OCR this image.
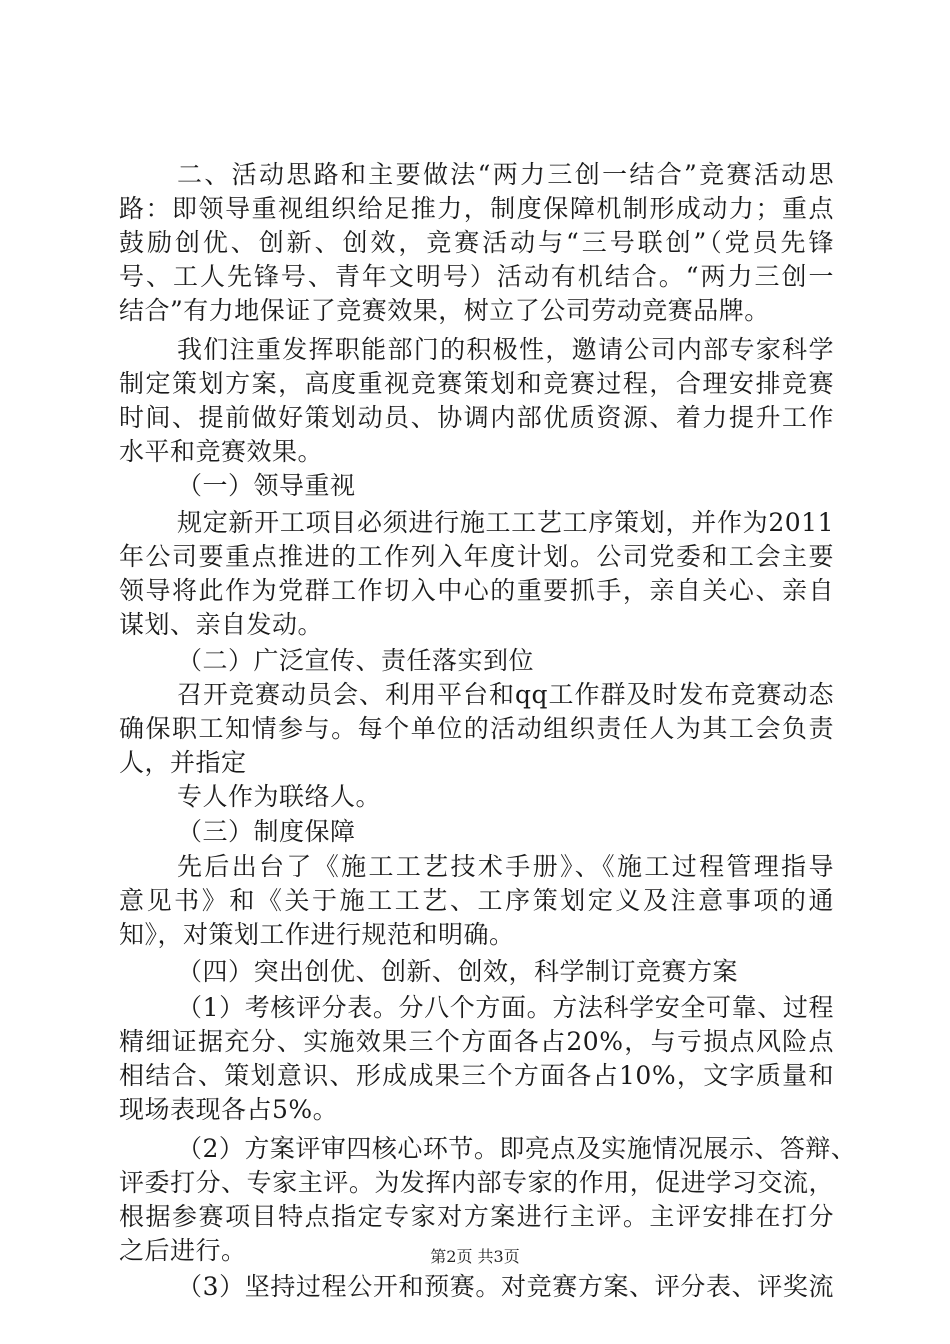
二、活动思路和主要做法“两力三创一结合”竞赛活动思
路：即领导重视组织给足推力，制度保障机制形成动力；重点
鼓励创优、创新、创效，竞赛活动与“三号联创”（党员先锋
号、工人先锋号、青年文明号）活动有机结合。“两力三创一
结合”有力地保证了竞赛效果，树立了公司劳动竞赛品牌。
我们注重发挥职能部门的积极性，邀请公司内部专家科学
制定策划方案，高度重视竞赛策划和竞赛过程，合理安排竞赛
时间、提前做好策划动员、协调内部优质资源、着力提升工作
水平和竞赛效果。
（一）领导重视
规定新开工项目必须进行施工工艺工序策划，并作为2011
年公司要重点推进的工作列入年度计划。公司党委和工会主要
领导将此作为党群工作切入中心的重要抓手，亲自关心、亲自
谋划、亲自发动。
（二）广泛宣传、责任落实到位
召开竞赛动员会、利用平台和qq工作群及时发布竞赛动态
确保职工知情参与。每个单位的活动组织责任人为其工会负责
人，并指定
专人作为联络人。
（三）制度保障
先后出台了《施工工艺技术手册》、《施工过程管理指导
意见书》和《关于施工工艺、工序策划定义及注意事项的通
知》，对策划工作进行规范和明确。
（四）突出创优、创新、创效，科学制订竞赛方案
（1）考核评分表。分八个方面。方法科学安全可靠、过程
精细证据充分、实施效果三个方面各占20%，与亏损点风险点
相结合、策划意识、形成成果三个方面各占10%，文字质量和
现场表现各占5%。
（2）方案评审四核心环节。即亮点及实施情况展示、答辩、
评委打分、专家主评。为发挥内部专家的作用，促进学习交流，
根据参赛项目特点指定专家对方案进行主评。主评安排在打分
之后进行。
（3）坚持过程公开和预赛。对竞赛方案、评分表、评奖流
第2页 共3页
